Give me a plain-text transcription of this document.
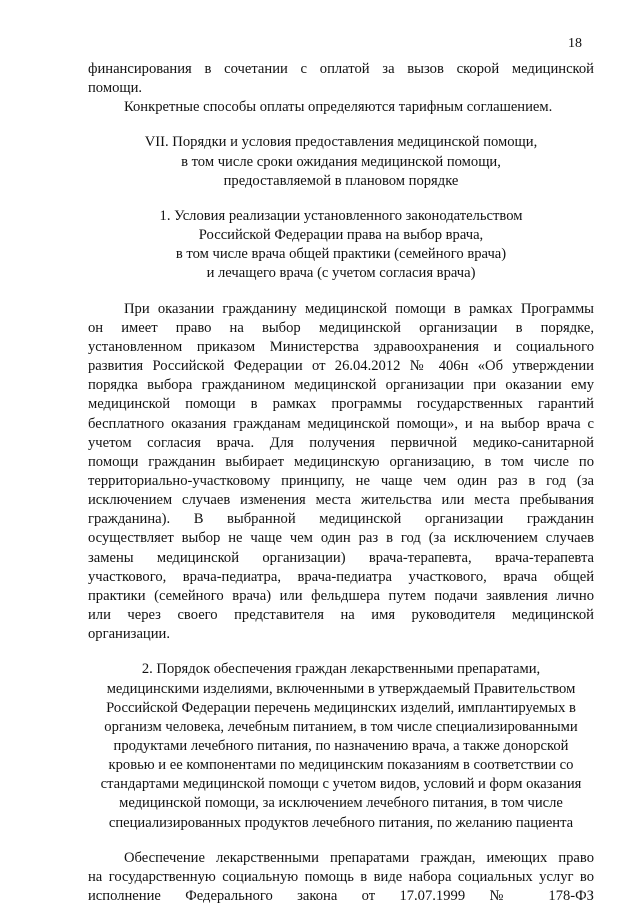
18

финансирования в сочетании с оплатой за вызов скорой медицинской
помощи.

Конкретные способы оплаты определяются тарифным соглашением.

VII. Порядки и условия предоставления медицинской помощи,
в том числе сроки ожидания медицинской помощи,
предоставляемой в плановом порядке
1. Условия реализации установленного законодательством
Российской Федерации права на выбор врача,
в том числе врача общей практики (семейного врача)
и лечащего врача (с учетом согласия врача)

При оказании гражданину медицинской помощи в рамках Программы
он имеет право на выбор медицинской организации в порядке,
установленном приказом Министерства здравоохранения и социального
развития Российской Федерации от 26.04.2012 № 406н «Об утверждении
порядка выбора гражданином медицинской организации при оказании ему
медицинской помощи в рамках программы государственных гарантий
бесплатного оказания гражданам медицинской помощи», и на выбор врача с
учетом согласия врача. Для получения первичной медико-санитарной
помощи гражданин выбирает медицинскую организацию, в том числе по
территориально-участковому принципу, не чаще чем один раз в год (за
исключением случаев изменения места жительства или места пребывания
гражданина). В выбранной медицинской организации гражданин
осуществляет выбор не чаще чем один раз в год (за исключением случаев
замены медицинской организации) врача-терапевта, врача-терапевта
участкового, врача-педиатра, врача-педиатра участкового, врача общей
практики (семейного врача) или фельдшера путем подачи заявления лично
или через своего представителя на имя руководителя медицинской
организации.

2. Порядок обеспечения граждан лекарственными препаратами,
медицинскими изделиями, включенными в утверждаемый Правительством
Российской Федерации перечень медицинских изделий, имплантируемых в
организм человека, лечебным питанием, в том числе специализированными
продуктами лечебного питания, по назначению врача, а также донорской
кровью и ее компонентами по медицинским показаниям в соответствии со
стандартами медицинской помощи с учетом видов, условий и форм оказания
медицинской помощи, за исключением лечебного питания, в том числе
специализированных продуктов лечебного питания, по желанию пациента

Обеспечение лекарственными препаратами граждан, имеющих право
на государственную социальную помощь в виде набора социальных услуг во
исполнение Федерального закона от 17.07.1999 № 178-ФЗ
